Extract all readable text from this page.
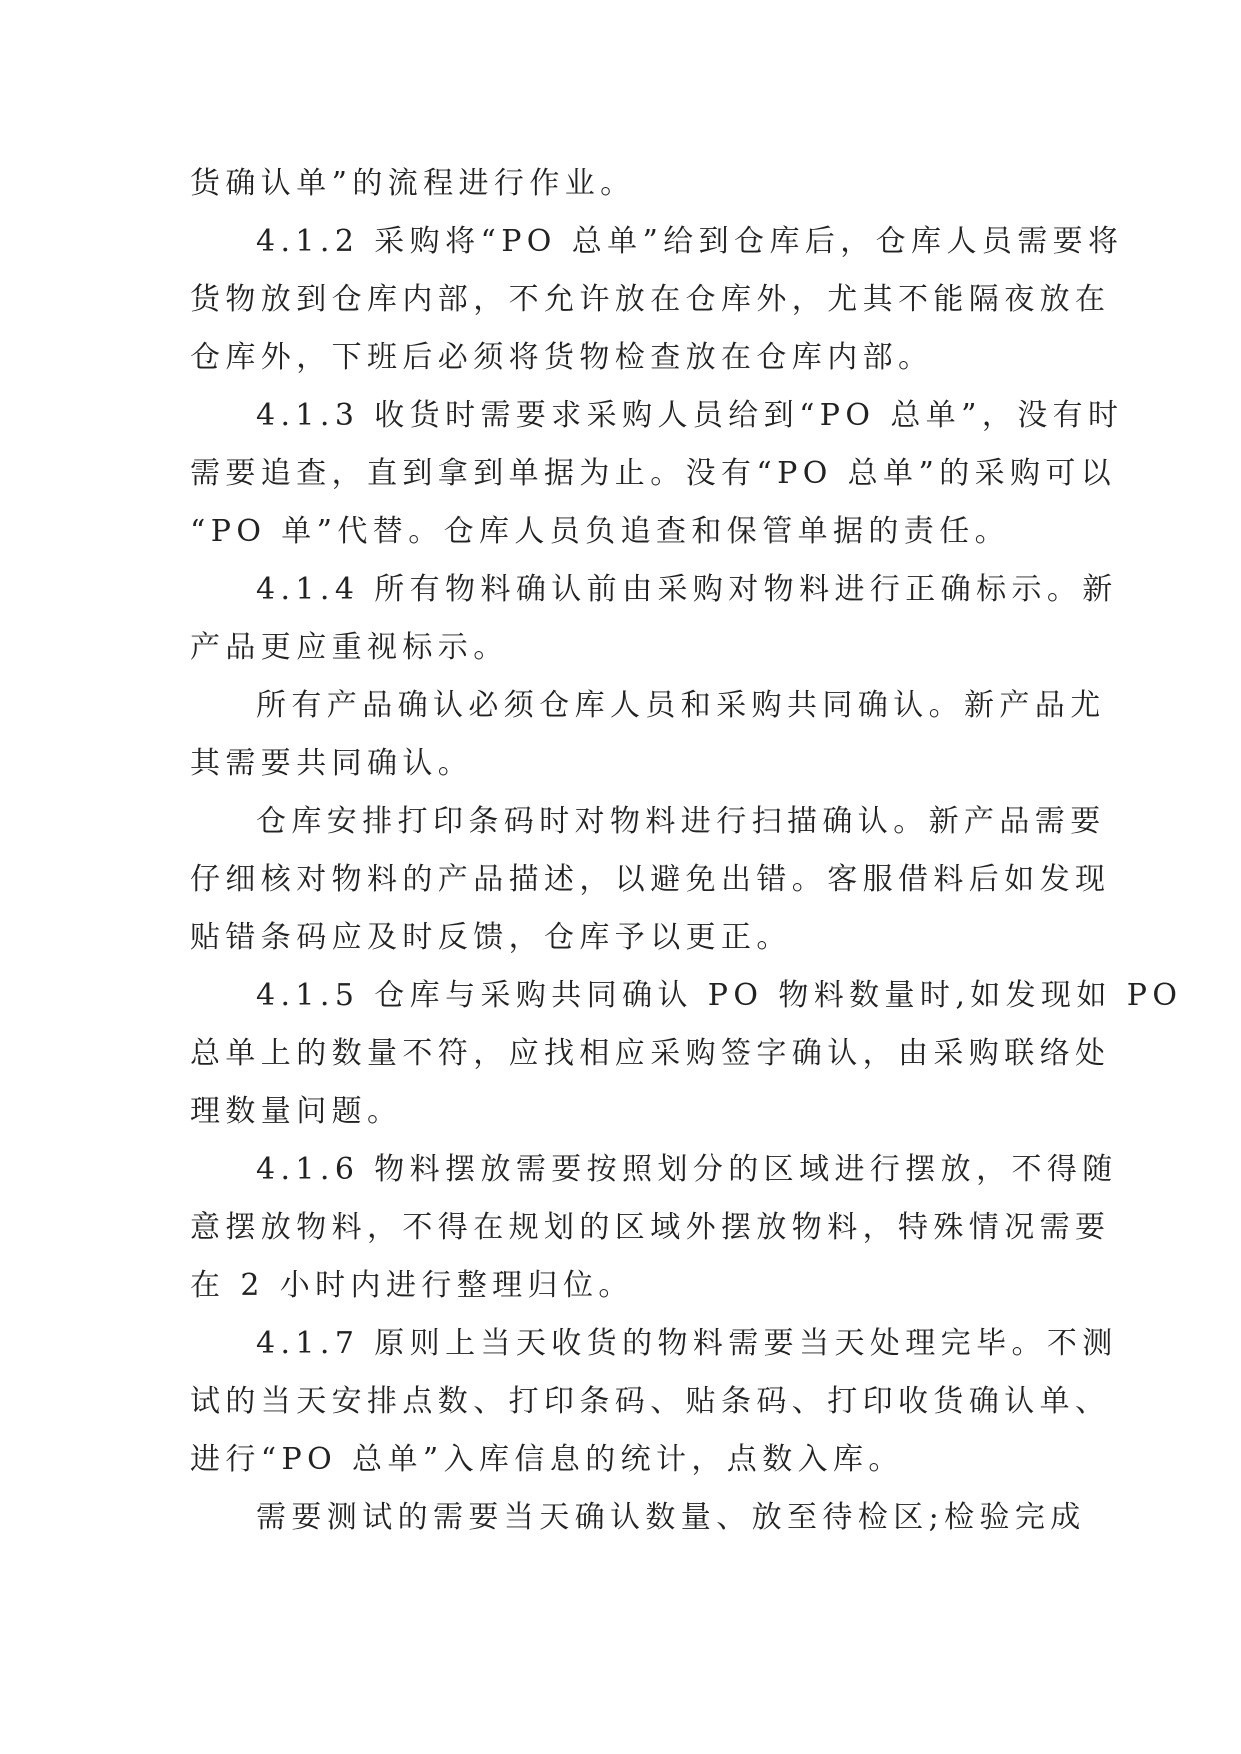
货确认单”的流程进行作业。
4.1.2 采购将“PO 总单”给到仓库后，仓库人员需要将
货物放到仓库内部，不允许放在仓库外，尤其不能隔夜放在
仓库外，下班后必须将货物检查放在仓库内部。
4.1.3 收货时需要求采购人员给到“PO 总单”，没有时
需要追查，直到拿到单据为止。没有“PO 总单”的采购可以
“PO 单”代替。仓库人员负追查和保管单据的责任。
4.1.4 所有物料确认前由采购对物料进行正确标示。新
产品更应重视标示。
所有产品确认必须仓库人员和采购共同确认。新产品尤
其需要共同确认。
仓库安排打印条码时对物料进行扫描确认。新产品需要
仔细核对物料的产品描述，以避免出错。客服借料后如发现
贴错条码应及时反馈，仓库予以更正。
4.1.5 仓库与采购共同确认 PO 物料数量时,如发现如 PO
总单上的数量不符，应找相应采购签字确认，由采购联络处
理数量问题。
4.1.6 物料摆放需要按照划分的区域进行摆放，不得随
意摆放物料，不得在规划的区域外摆放物料，特殊情况需要
在 2 小时内进行整理归位。
4.1.7 原则上当天收货的物料需要当天处理完毕。不测
试的当天安排点数、打印条码、贴条码、打印收货确认单、
进行“PO 总单”入库信息的统计，点数入库。
需要测试的需要当天确认数量、放至待检区;检验完成
